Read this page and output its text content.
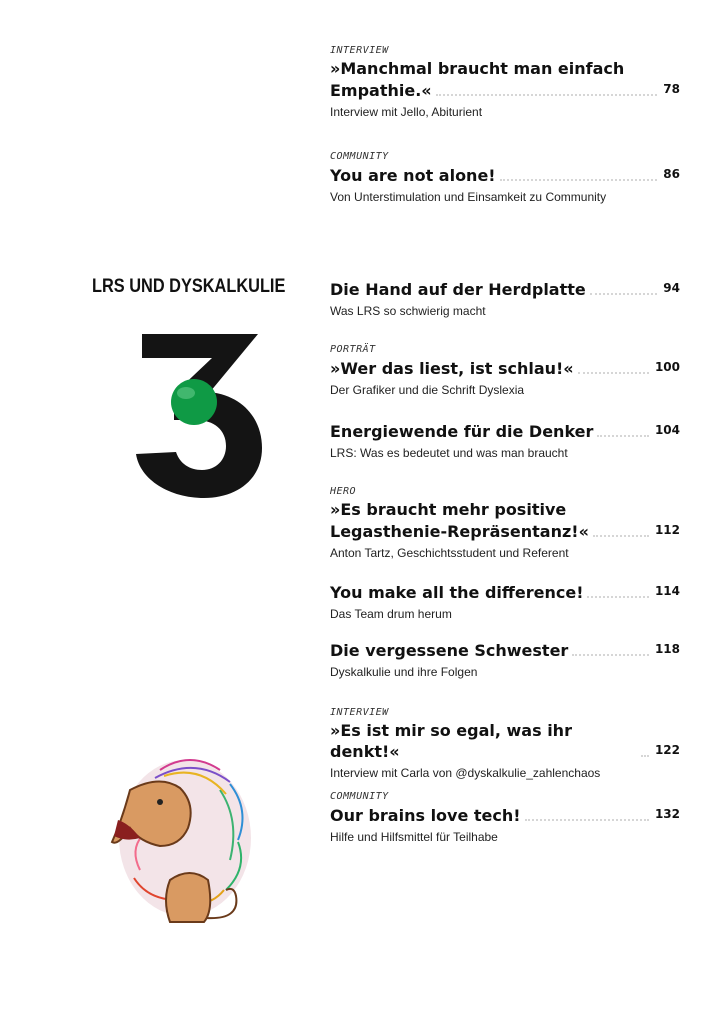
LRS UND DYSKALKULIE
INTERVIEW
»Manchmal braucht man einfach
Empathie.«	78
Interview mit Jello, Abiturient
COMMUNITY
You are not alone!	86
Von Unterstimulation und Einsamkeit zu Community
Die Hand auf der Herdplatte	94
Was LRS so schwierig macht
PORTRÄT
»Wer das liest, ist schlau!«	100
Der Grafiker und die Schrift Dyslexia
Energiewende für die Denker	104
LRS: Was es bedeutet und was man braucht
HERO
»Es braucht mehr positive
Legasthenie-Repräsentanz!«	112
Anton Tartz, Geschichtsstudent und Referent
You make all the difference!	114
Das Team drum herum
Die vergessene Schwester	118
Dyskalkulie und ihre Folgen
INTERVIEW
»Es ist mir so egal, was ihr denkt!«	122
Interview mit Carla von @dyskalkulie_zahlenchaos
COMMUNITY
Our brains love tech!	132
Hilfe und Hilfsmittel für Teilhabe
